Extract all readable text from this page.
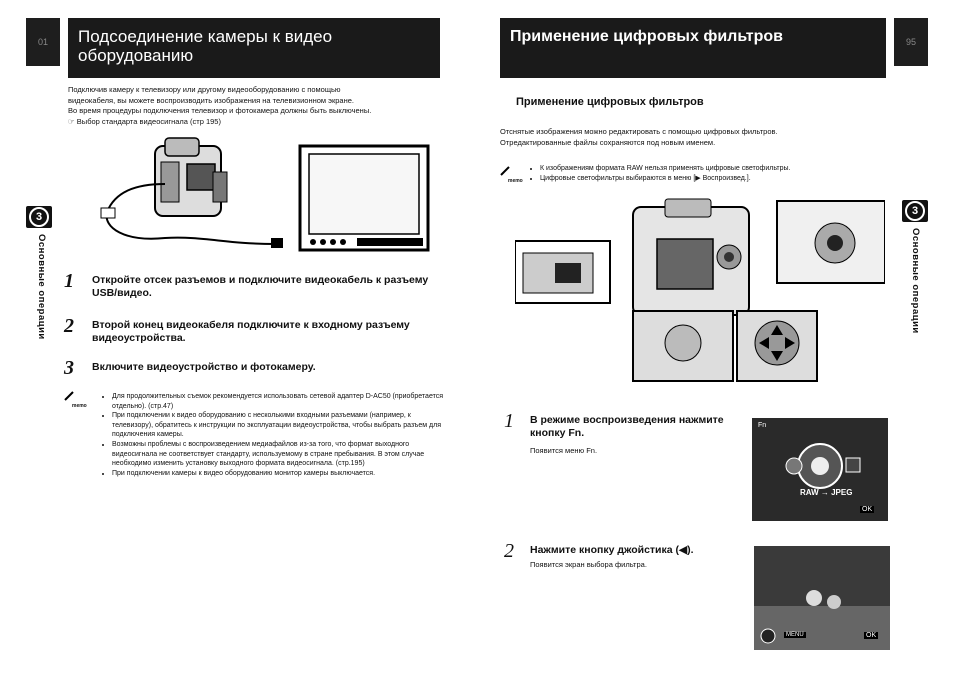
01	Подсоединение камеры к видео оборудованию
Подключив камеру к телевизору или другому видеооборудованию с помощью
видеокабеля, вы можете воспроизводить изображения на телевизионном экране.
Во время процедуры подключения телевизор и фотокамера должны быть выключены.
☞ Выбор стандарта видеосигнала (стр 195)
3
Основные операции 1 Откройте отсек разъемов и подключите видеокабель к разъему USB/видео.
2 Второй конец видеокабеля подключите к входному разъему видеоустройства.
3 Включите видеоустройство и фотокамеру.
memo
• Для продолжительных съемок рекомендуется использовать сетевой адаптер D-AC50 (приобретается отдельно). (стр.47)
• При подключении к видео оборудованию с несколькими входными разъемами (например, к телевизору), обратитесь к инструкции по эксплуатации видеоустройства, чтобы выбрать разъем для подключения камеры.
• Возможны проблемы с воспроизведением медиафайлов из-за того, что формат выходного видеосигнала не соответствует стандарту, используемому в стране пребывания. В этом случае необходимо изменить установку выходного формата видеосигнала. (стр.195)
• При подключении камеры к видео оборудованию монитор камеры выключается.
Применение цифровых фильтров	95
Применение цифровых фильтров
Отснятые изображения можно редактировать с помощью цифровых фильтров.
Отредактированные файлы сохраняются под новым именем.
memo
• К изображениям формата RAW нельзя применять цифровые светофильтры.
• Цифровые светофильтры выбираются в меню [▶ Воспроизвед.].
3
Основные операции
1 В режиме воспроизведения нажмите кнопку Fn.
Появится меню Fn.
Fn
RAW → JPEG
OK
2 Нажмите кнопку джойстика (◀).
Появится экран выбора фильтра.
MENU	OK
